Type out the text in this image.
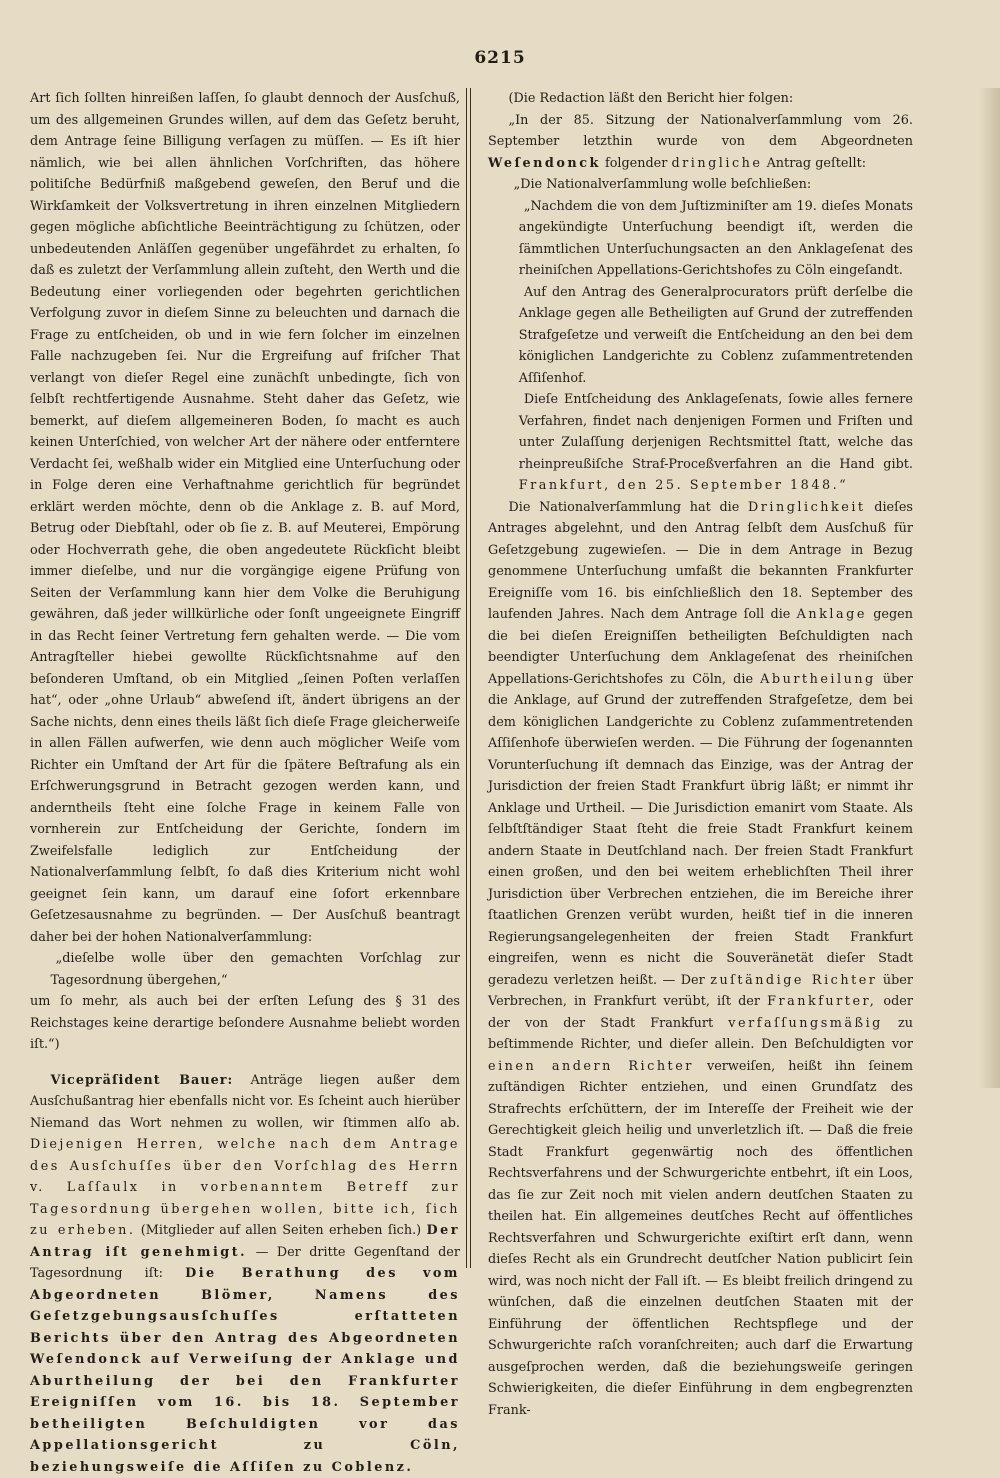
6215

Art ſich ſollten hinreißen laſſen, ſo glaubt dennoch der Ausſchuß, um des allgemeinen Grundes willen, auf dem das Geſetz beruht, dem Antrage ſeine Billigung verſagen zu müſſen. — Es iſt hier nämlich, wie bei allen ähnlichen Vorſchriften, das höhere politiſche Bedürfniß maßgebend geweſen, den Beruf und die Wirkſamkeit der Volksvertretung in ihren einzelnen Mitgliedern gegen mögliche abſichtliche Beeinträchtigung zu ſchützen, oder unbedeutenden Anläſſen gegenüber ungefährdet zu erhalten, ſo daß es zuletzt der Verſammlung allein zuſteht, den Werth und die Bedeutung einer vorliegenden oder begehrten gerichtlichen Verfolgung zuvor in dieſem Sinne zu beleuchten und darnach die Frage zu entſcheiden, ob und in wie fern ſolcher im einzelnen Falle nachzugeben ſei. Nur die Ergreifung auf friſcher That verlangt von dieſer Regel eine zunächſt unbedingte, ſich von ſelbſt rechtfertigende Ausnahme. Steht daher das Geſetz, wie bemerkt, auf dieſem allgemeineren Boden, ſo macht es auch keinen Unterſchied, von welcher Art der nähere oder entferntere Verdacht ſei, weßhalb wider ein Mitglied eine Unterſuchung oder in Folge deren eine Verhaftnahme gerichtlich für begründet erklärt werden möchte, denn ob die Anklage z. B. auf Mord, Betrug oder Diebſtahl, oder ob ſie z. B. auf Meuterei, Empörung oder Hochverrath gehe, die oben angedeutete Rückſicht bleibt immer dieſelbe, und nur die vorgängige eigene Prüfung von Seiten der Verſammlung kann hier dem Volke die Beruhigung gewähren, daß jeder willkürliche oder ſonſt ungeeignete Eingriff in das Recht ſeiner Vertretung fern gehalten werde. — Die vom Antragſteller hiebei gewollte Rückſichtsnahme auf den beſonderen Umſtand, ob ein Mitglied „ſeinen Poſten verlaſſen hat“, oder „ohne Urlaub“ abweſend iſt, ändert übrigens an der Sache nichts, denn eines theils läßt ſich dieſe Frage gleicherweiſe in allen Fällen aufwerfen, wie denn auch möglicher Weiſe vom Richter ein Umſtand der Art für die ſpätere Beſtrafung als ein Erſchwerungsgrund in Betracht gezogen werden kann, und anderntheils ſteht eine ſolche Frage in keinem Falle von vornherein zur Entſcheidung der Gerichte, ſondern im Zweifelsfalle lediglich zur Entſcheidung der Nationalverſammlung ſelbſt, ſo daß dies Kriterium nicht wohl geeignet ſein kann, um darauf eine ſofort erkennbare Geſetzesausnahme zu begründen. — Der Ausſchuß beantragt daher bei der hohen Nationalverſammlung:

„dieſelbe wolle über den gemachten Vorſchlag zur Tagesordnung übergehen,“

um ſo mehr, als auch bei der erſten Leſung des § 31 des Reichstages keine derartige beſondere Ausnahme beliebt worden iſt.“)

Vicepräſident Bauer: Anträge liegen außer dem Ausſchußantrag hier ebenfalls nicht vor. Es ſcheint auch hierüber Niemand das Wort nehmen zu wollen, wir ſtimmen alſo ab. Diejenigen Herren, welche nach dem Antrage des Ausſchuſſes über den Vorſchlag des Herrn v. Laſſaulx in vorbenanntem Betreff zur Tagesordnung übergehen wollen, bitte ich, ſich zu erheben. (Mitglieder auf allen Seiten erheben ſich.) Der Antrag iſt genehmigt. — Der dritte Gegenſtand der Tagesordnung iſt: Die Berathung des vom Abgeordneten Blömer, Namens des Geſetzgebungsausſchuſſes erſtatteten Berichts über den Antrag des Abgeordneten Weſendonck auf Verweiſung der Anklage und Aburtheilung der bei den Frankfurter Ereigniſſen vom 16. bis 18. September betheiligten Beſchuldigten vor das Appellationsgericht zu Cöln, beziehungsweiſe die Aſſiſen zu Coblenz.

(Die Redaction läßt den Bericht hier folgen:

„In der 85. Sitzung der Nationalverſammlung vom 26. September letzthin wurde von dem Abgeordneten Weſendonck folgender dringliche Antrag geſtellt:

„Die Nationalverſammlung wolle beſchließen:

„Nachdem die von dem Juſtizminiſter am 19. dieſes Monats angekündigte Unterſuchung beendigt iſt, werden die ſämmtlichen Unterſuchungsacten an den Anklageſenat des rheiniſchen Appellations-Gerichtshofes zu Cöln eingeſandt.

Auf den Antrag des Generalprocurators prüft derſelbe die Anklage gegen alle Betheiligten auf Grund der zutreffenden Strafgeſetze und verweiſt die Entſcheidung an den bei dem königlichen Landgerichte zu Coblenz zuſammentretenden Aſſiſenhof.

Dieſe Entſcheidung des Anklageſenats, ſowie alles fernere Verfahren, findet nach denjenigen Formen und Friſten und unter Zulaſſung derjenigen Rechtsmittel ſtatt, welche das rheinpreußiſche Straf-Proceßverfahren an die Hand gibt. Frankfurt, den 25. September 1848.“

Die Nationalverſammlung hat die Dringlichkeit dieſes Antrages abgelehnt, und den Antrag ſelbſt dem Ausſchuß für Geſetzgebung zugewieſen. — Die in dem Antrage in Bezug genommene Unterſuchung umfaßt die bekannten Frankfurter Ereigniſſe vom 16. bis einſchließlich den 18. September des laufenden Jahres. Nach dem Antrage ſoll die Anklage gegen die bei dieſen Ereigniſſen betheiligten Beſchuldigten nach beendigter Unterſuchung dem Anklageſenat des rheiniſchen Appellations-Gerichtshofes zu Cöln, die Aburtheilung über die Anklage, auf Grund der zutreffenden Strafgeſetze, dem bei dem königlichen Landgerichte zu Coblenz zuſammentretenden Aſſiſenhofe überwieſen werden. — Die Führung der ſogenannten Vorunterſuchung iſt demnach das Einzige, was der Antrag der Jurisdiction der freien Stadt Frankfurt übrig läßt; er nimmt ihr Anklage und Urtheil. — Die Jurisdiction emanirt vom Staate. Als ſelbſtſtändiger Staat ſteht die freie Stadt Frankfurt keinem andern Staate in Deutſchland nach. Der freien Stadt Frankfurt einen großen, und den bei weitem erheblichſten Theil ihrer Jurisdiction über Verbrechen entziehen, die im Bereiche ihrer ſtaatlichen Grenzen verübt wurden, heißt tief in die inneren Regierungsangelegenheiten der freien Stadt Frankfurt eingreifen, wenn es nicht die Souveränetät dieſer Stadt geradezu verletzen heißt. — Der zuſtändige Richter über Verbrechen, in Frankfurt verübt, iſt der Frankfurter, oder der von der Stadt Frankfurt verfaſſungsmäßig zu beſtimmende Richter, und dieſer allein. Den Beſchuldigten vor einen andern Richter verweiſen, heißt ihn ſeinem zuſtändigen Richter entziehen, und einen Grundſatz des Strafrechts erſchüttern, der im Intereſſe der Freiheit wie der Gerechtigkeit gleich heilig und unverletzlich iſt. — Daß die freie Stadt Frankfurt gegenwärtig noch des öffentlichen Rechtsverfahrens und der Schwurgerichte entbehrt, iſt ein Loos, das ſie zur Zeit noch mit vielen andern deutſchen Staaten zu theilen hat. Ein allgemeines deutſches Recht auf öffentliches Rechtsverfahren und Schwurgerichte exiſtirt erſt dann, wenn dieſes Recht als ein Grundrecht deutſcher Nation publicirt ſein wird, was noch nicht der Fall iſt. — Es bleibt freilich dringend zu wünſchen, daß die einzelnen deutſchen Staaten mit der Einführung der öffentlichen Rechtspflege und der Schwurgerichte raſch voranſchreiten; auch darf die Erwartung ausgeſprochen werden, daß die beziehungsweiſe geringen Schwierigkeiten, die dieſer Einführung in dem engbegrenzten Frank-
